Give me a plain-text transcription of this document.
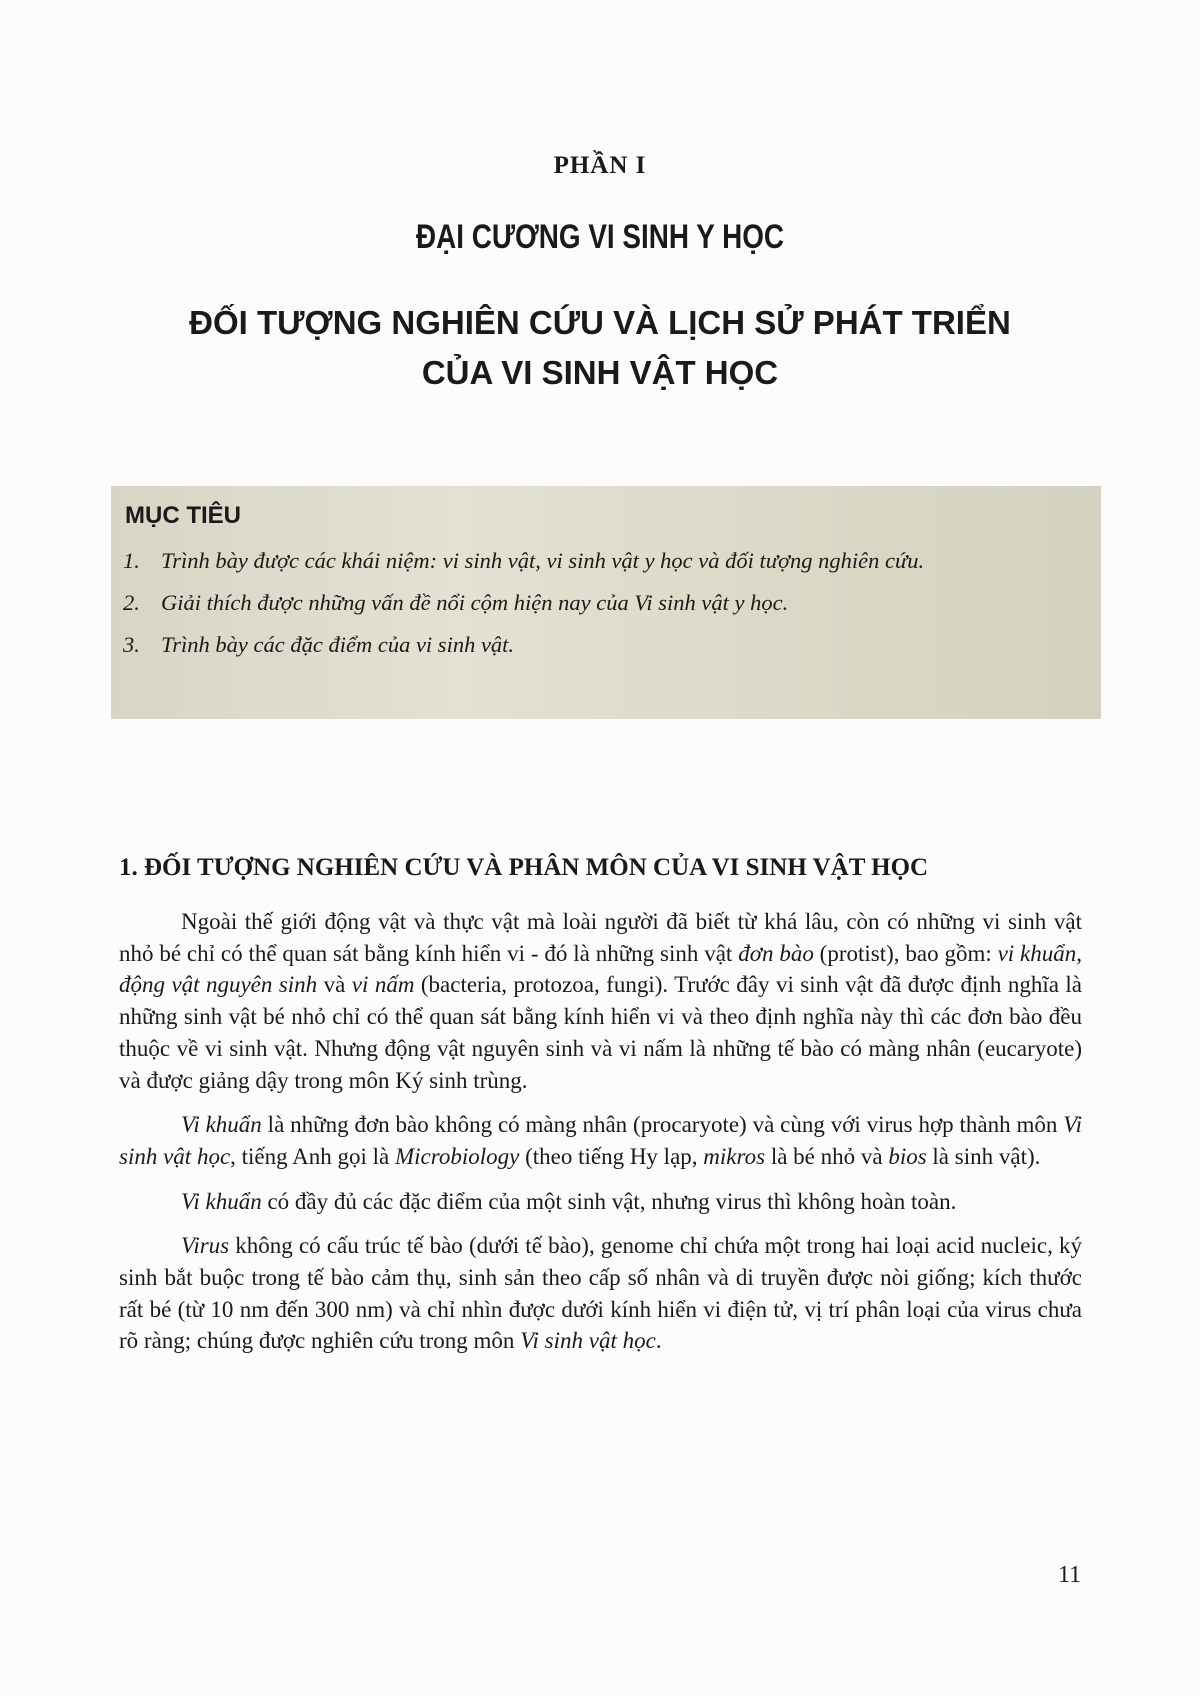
PHẦN I
ĐẠI CƯƠNG VI SINH Y HỌC
ĐỐI TƯỢNG NGHIÊN CỨU VÀ LỊCH SỬ PHÁT TRIỂN
CỦA VI SINH VẬT HỌC
MỤC TIÊU
1. Trình bày được các khái niệm: vi sinh vật, vi sinh vật y học và đối tượng nghiên cứu.
2. Giải thích được những vấn đề nổi cộm hiện nay của Vi sinh vật y học.
3. Trình bày các đặc điểm của vi sinh vật.
1. ĐỐI TƯỢNG NGHIÊN CỨU VÀ PHÂN MÔN CỦA VI SINH VẬT HỌC

Ngoài thế giới động vật và thực vật mà loài người đã biết từ khá lâu, còn có những vi sinh vật nhỏ bé chỉ có thể quan sát bằng kính hiển vi - đó là những sinh vật đơn bào (protist), bao gồm: vi khuẩn, động vật nguyên sinh và vi nấm (bacteria, protozoa, fungi). Trước đây vi sinh vật đã được định nghĩa là những sinh vật bé nhỏ chỉ có thể quan sát bằng kính hiển vi và theo định nghĩa này thì các đơn bào đều thuộc về vi sinh vật. Nhưng động vật nguyên sinh và vi nấm là những tế bào có màng nhân (eucaryote) và được giảng dậy trong môn Ký sinh trùng.

Vi khuẩn là những đơn bào không có màng nhân (procaryote) và cùng với virus hợp thành môn Vi sinh vật học, tiếng Anh gọi là Microbiology (theo tiếng Hy lạp, mikros là bé nhỏ và bios là sinh vật).

Vi khuẩn có đầy đủ các đặc điểm của một sinh vật, nhưng virus thì không hoàn toàn.

Virus không có cấu trúc tế bào (dưới tế bào), genome chỉ chứa một trong hai loại acid nucleic, ký sinh bắt buộc trong tế bào cảm thụ, sinh sản theo cấp số nhân và di truyền được nòi giống; kích thước rất bé (từ 10 nm đến 300 nm) và chỉ nhìn được dưới kính hiển vi điện tử, vị trí phân loại của virus chưa rõ ràng; chúng được nghiên cứu trong môn Vi sinh vật học.

11
